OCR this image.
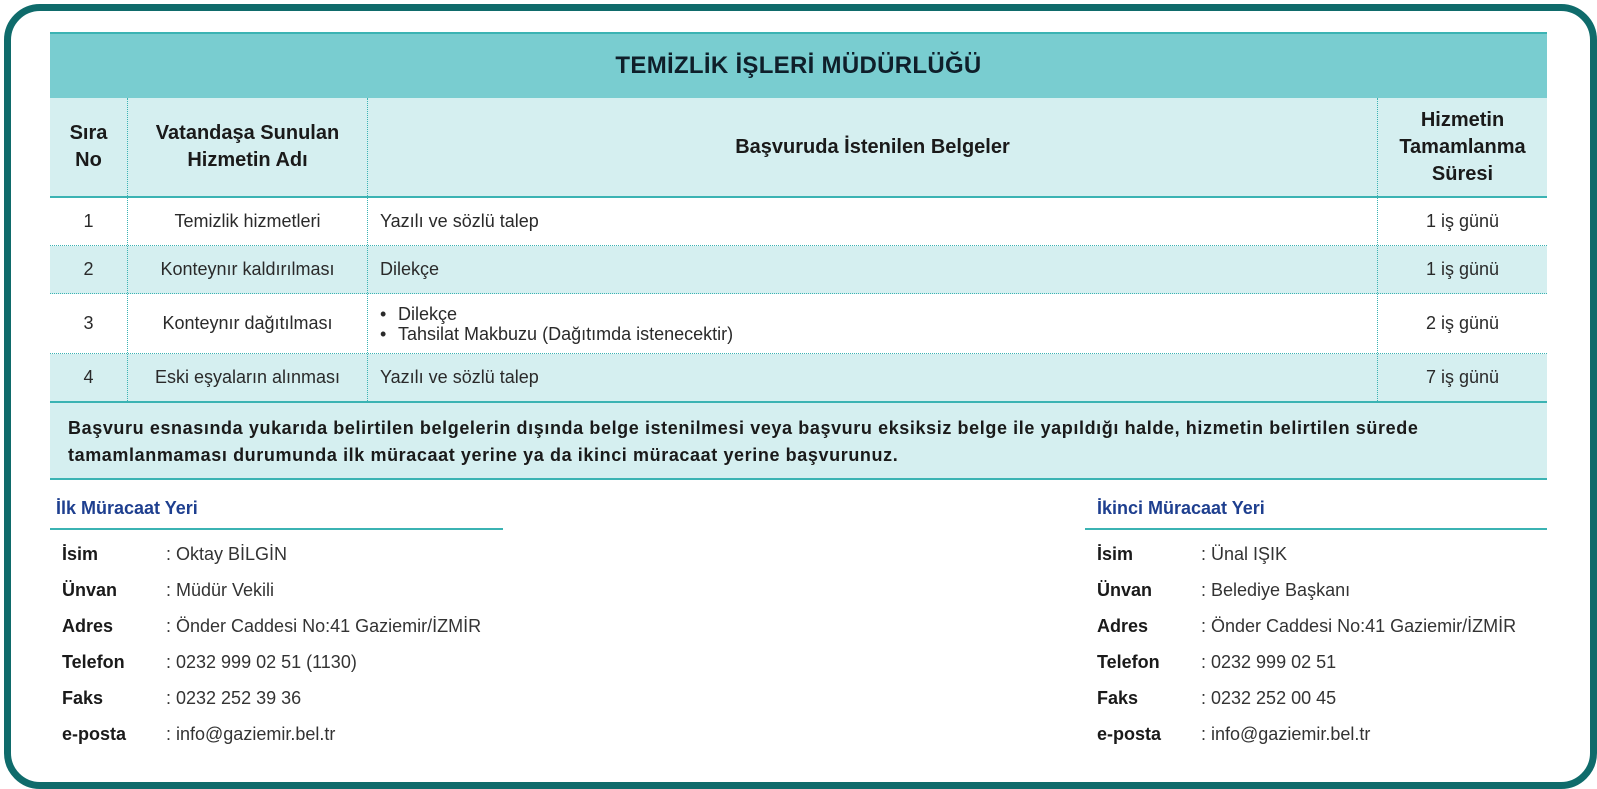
TEMİZLİK İŞLERİ MÜDÜRLÜĞÜ
Sıra No
Vatandaşa Sunulan Hizmetin Adı
Başvuruda İstenilen Belgeler
Hizmetin Tamamlanma Süresi
1	Temizlik hizmetleri	Yazılı ve sözlü talep	1 iş günü
2	Konteynır kaldırılması	Dilekçe	1 iş günü
3	Konteynır dağıtılması
•	Dilekçe
• Tahsilat Makbuzu (Dağıtımda istenecektir)
2 iş günü
4	Eski eşyaların alınması	Yazılı ve sözlü talep	7 iş günü
Başvuru esnasında yukarıda belirtilen belgelerin dışında belge istenilmesi veya başvuru eksiksiz belge ile yapıldığı halde, hizmetin belirtilen sürede tamamlanmaması durumunda ilk müracaat yerine ya da ikinci müracaat yerine başvurunuz.
İlk Müracaat Yeri
İsim	: Oktay BİLGİN
Ünvan	: Müdür Vekili
Adres	: Önder Caddesi No:41 Gaziemir/İZMİR
Telefon	: 0232 999 02 51 (1130)
Faks	: 0232 252 39 36
e-posta	: info@gaziemir.bel.tr
İkinci Müracaat Yeri
İsim	: Ünal IŞIK
Ünvan	: Belediye Başkanı
Adres	: Önder Caddesi No:41 Gaziemir/İZMİR
Telefon	: 0232 999 02 51
Faks	: 0232 252 00 45
e-posta	: info@gaziemir.bel.tr
